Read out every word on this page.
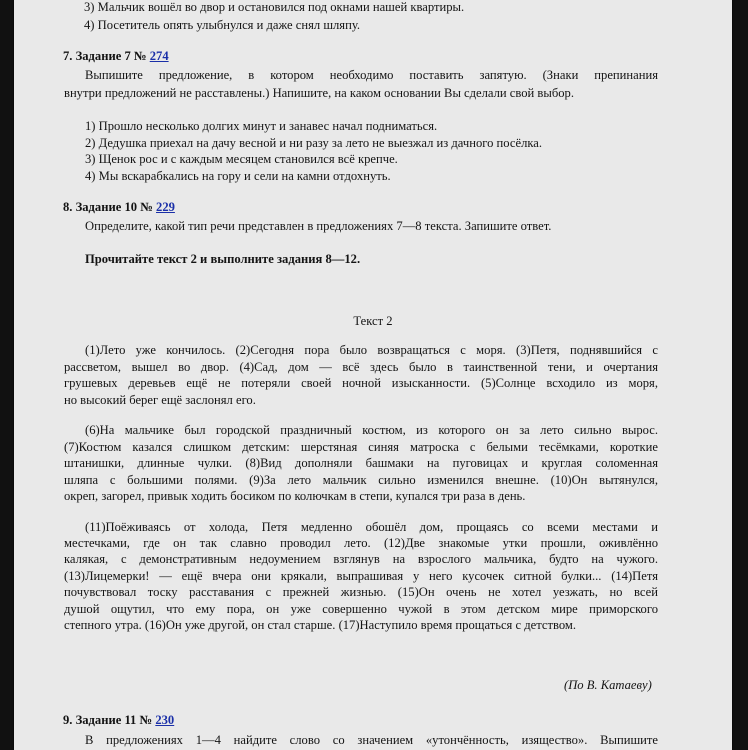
3) Мальчик вошёл во двор и остановился под окнами нашей квартиры.
4) Посетитель опять улыбнулся и даже снял шляпу.
7. Задание 7 № 274
Выпишите предложение, в котором необходимо поставить запятую. (Знаки препинания
внутри предложений не расставлены.) Напишите, на каком основании Вы сделали свой выбор.
1) Прошло несколько долгих минут и занавес начал подниматься.
2) Дедушка приехал на дачу весной и ни разу за лето не выезжал из дачного посёлка.
3) Щенок рос и с каждым месяцем становился всё крепче.
4) Мы вскарабкались на гору и сели на камни отдохнуть.
8. Задание 10 № 229
Определите, какой тип речи представлен в предложениях 7—8 текста. Запишите ответ.
Прочитайте текст 2 и выполните задания 8—12.
Текст 2
(1)Лето уже кончилось. (2)Сегодня пора было возвращаться с моря. (3)Петя, поднявшийся с
рассветом, вышел во двор. (4)Сад, дом — всё здесь было в таинственной тени, и очертания
грушевых деревьев ещё не потеряли своей ночной изысканности. (5)Солнце всходило из моря,
но высокий берег ещё заслонял его.
(6)На мальчике был городской праздничный костюм, из которого он за лето сильно вырос.
(7)Костюм казался слишком детским: шерстяная синяя матроска с белыми тесёмками, короткие
штанишки, длинные чулки. (8)Вид дополняли башмаки на пуговицах и круглая соломенная
шляпа с большими полями. (9)За лето мальчик сильно изменился внешне. (10)Он вытянулся,
окреп, загорел, привык ходить босиком по колючкам в степи, купался три раза в день.
(11)Поёживаясь от холода, Петя медленно обошёл дом, прощаясь со всеми местами и
местечками, где он так славно проводил лето. (12)Две знакомые утки прошли, оживлённо
калякая, с демонстративным недоумением взглянув на взрослого мальчика, будто на чужого.
(13)Лицемерки! — ещё вчера они крякали, выпрашивая у него кусочек ситной булки... (14)Петя
почувствовал тоску расставания с прежней жизнью. (15)Он очень не хотел уезжать, но всей
душой ощутил, что ему пора, он уже совершенно чужой в этом детском мире приморского
степного утра. (16)Он уже другой, он стал старше. (17)Наступило время прощаться с детством.
(По В. Катаеву)
9. Задание 11 № 230
В предложениях 1—4 найдите слово со значением «утончённость, изящество». Выпишите
